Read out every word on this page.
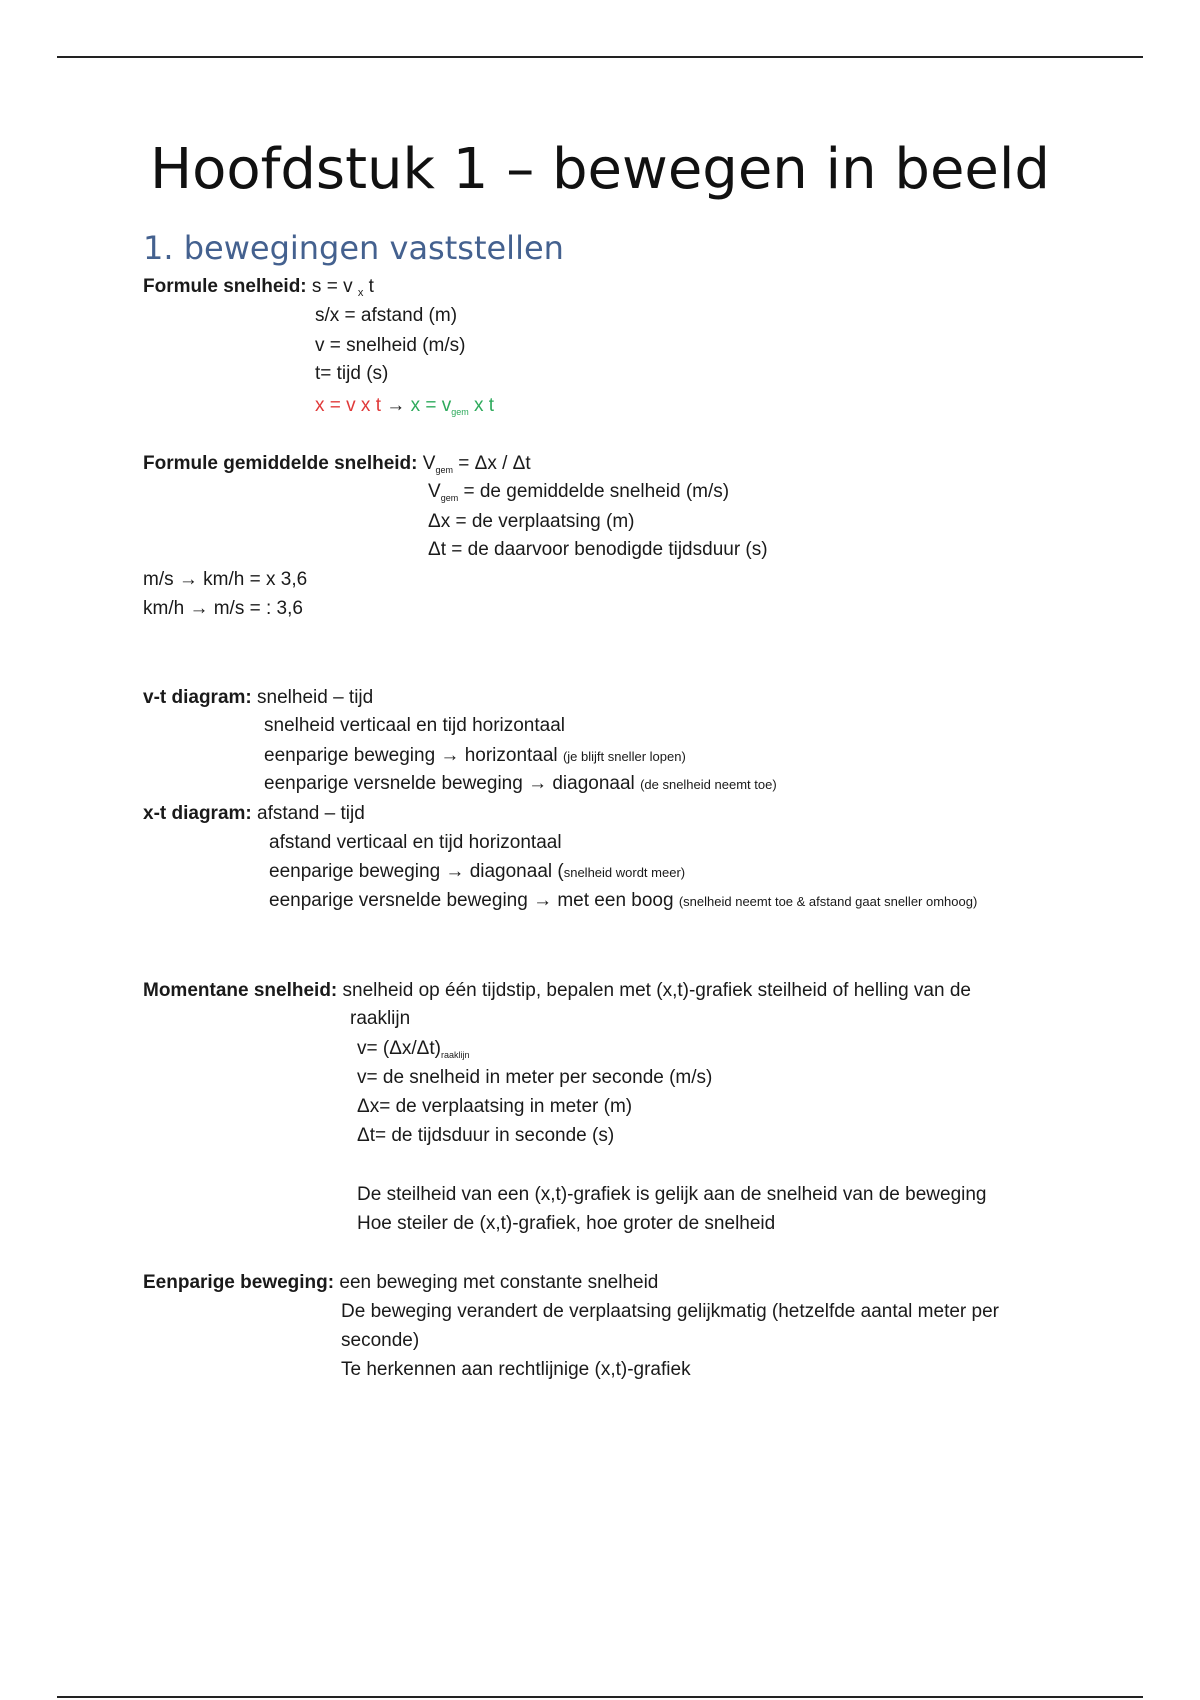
Hoofdstuk 1 – bewegen in beeld
1. bewegingen vaststellen
Formule snelheid: s = v $_x$ t
s/x = afstand (m)
v = snelheid (m/s)
t= tijd (s)
x = v x $t \to x = v_{gem}$ x t
Formule gemiddelde snelheid: $V_{gem} = \Delta x / \Delta t$
$V_{gem}$ = de gemiddelde snelheid (m/s)
Δx = de verplaatsing (m)
Δt = de daarvoor benodigde tijdsduur (s)
m/s → km/h = x 3,6
km/h → m/s = : 3,6
v-t diagram: snelheid – tijd
snelheid verticaal en tijd horizontaal
eenparige beweging → horizontaal (je blijft sneller lopen)
eenparige versnelde beweging → diagonaal (de snelheid neemt toe)
x-t diagram: afstand – tijd
afstand verticaal en tijd horizontaal
eenparige beweging → diagonaal (snelheid wordt meer)
eenparige versnelde beweging → met een boog (snelheid neemt toe & afstand gaat sneller omhoog)
Momentane snelheid: snelheid op één tijdstip, bepalen met (x,t)-grafiek steilheid of helling van de
raaklijn
$v= (\Delta x/\Delta t)_{raaklijn}$
v= de snelheid in meter per seconde (m/s)
Δx= de verplaatsing in meter (m)
Δt= de tijdsduur in seconde (s)
De steilheid van een (x,t)-grafiek is gelijk aan de snelheid van de beweging
Hoe steiler de (x,t)-grafiek, hoe groter de snelheid
Eenparige beweging: een beweging met constante snelheid
De beweging verandert de verplaatsing gelijkmatig (hetzelfde aantal meter per
seconde)
Te herkennen aan rechtlijnige (x,t)-grafiek
